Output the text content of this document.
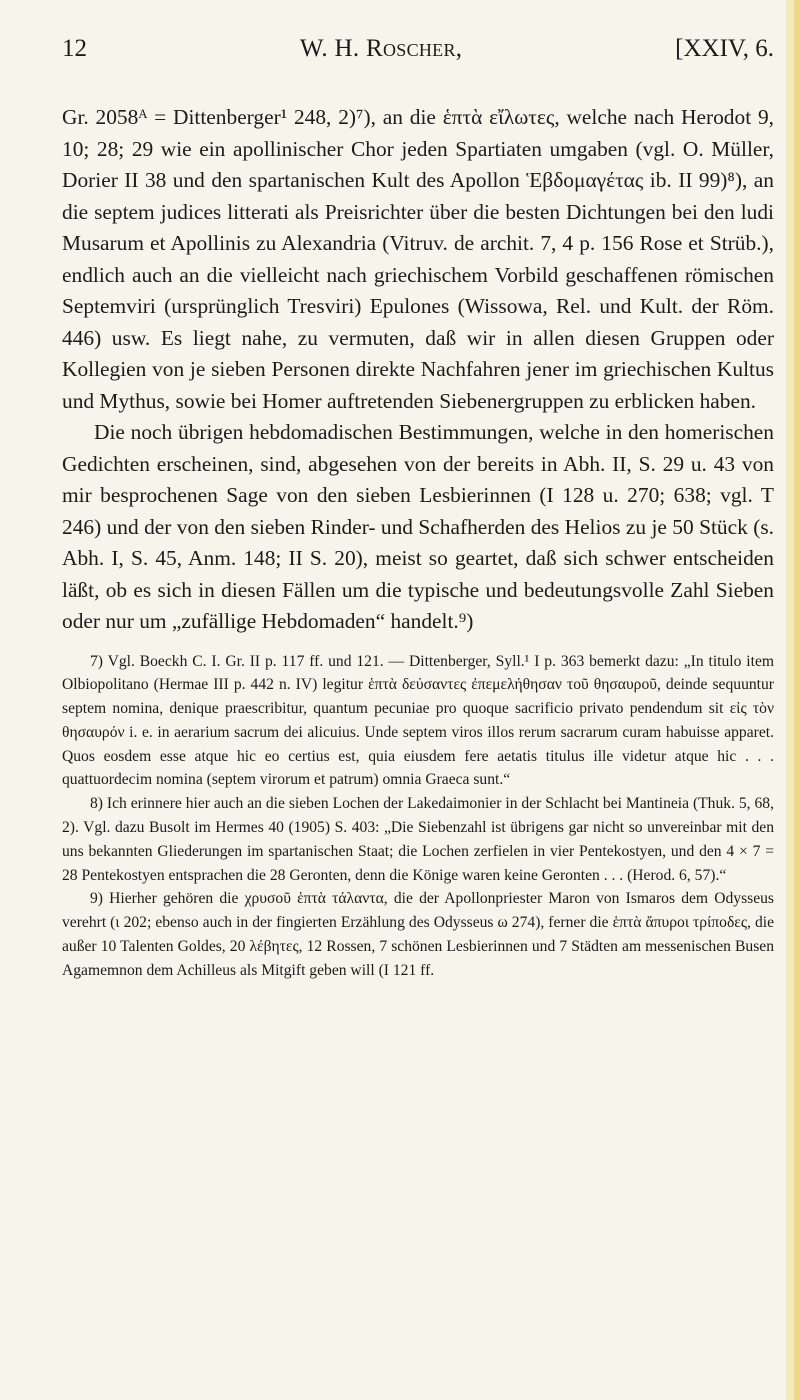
12	W. H. Roscher,	[XXIV, 6.

Gr. 2058ᴬ = Dittenberger¹ 248, 2)⁷), an die ἑπτὰ εἴλωτες, welche nach Herodot 9, 10; 28; 29 wie ein apollinischer Chor jeden Spartiaten umgaben (vgl. O. Müller, Dorier II 38 und den spartanischen Kult des Apollon Ἑβδομαγέτας ib. II 99)⁸), an die septem judices litterati als Preisrichter über die besten Dichtungen bei den ludi Musarum et Apollinis zu Alexandria (Vitruv. de archit. 7, 4 p. 156 Rose et Strüb.), endlich auch an die vielleicht nach griechischem Vorbild geschaffenen römischen Septemviri (ursprünglich Tresviri) Epulones (Wissowa, Rel. und Kult. der Röm. 446) usw. Es liegt nahe, zu vermuten, daß wir in allen diesen Gruppen oder Kollegien von je sieben Personen direkte Nachfahren jener im griechischen Kultus und Mythus, sowie bei Homer auftretenden Siebenergruppen zu erblicken haben.

Die noch übrigen hebdomadischen Bestimmungen, welche in den homerischen Gedichten erscheinen, sind, abgesehen von der bereits in Abh. II, S. 29 u. 43 von mir besprochenen Sage von den sieben Lesbierinnen (I 128 u. 270; 638; vgl. T 246) und der von den sieben Rinder- und Schafherden des Helios zu je 50 Stück (s. Abh. I, S. 45, Anm. 148; II S. 20), meist so geartet, daß sich schwer entscheiden läßt, ob es sich in diesen Fällen um die typische und bedeutungsvolle Zahl Sieben oder nur um „zufällige Hebdomaden“ handelt.⁹)

7) Vgl. Boeckh C. I. Gr. II p. 117 ff. und 121. — Dittenberger, Syll.¹ I p. 363 bemerkt dazu: „In titulo item Olbiopolitano (Hermae III p. 442 n. IV) legitur ἑπτὰ δεύσαντες ἐπεμελήθησαν τοῦ θησαυροῦ, deinde sequuntur septem nomina, denique praescribitur, quantum pecuniae pro quoque sacrificio privato pendendum sit εἰς τὸν θησαυρόν i. e. in aerarium sacrum dei alicuius. Unde septem viros illos rerum sacrarum curam habuisse apparet. Quos eosdem esse atque hic eo certius est, quia eiusdem fere aetatis titulus ille videtur atque hic . . . quattuordecim nomina (septem virorum et patrum) omnia Graeca sunt.“

8) Ich erinnere hier auch an die sieben Lochen der Lakedaimonier in der Schlacht bei Mantineia (Thuk. 5, 68, 2). Vgl. dazu Busolt im Hermes 40 (1905) S. 403: „Die Siebenzahl ist übrigens gar nicht so unvereinbar mit den uns bekannten Gliederungen im spartanischen Staat; die Lochen zerfielen in vier Pentekostyen, und den 4 × 7 = 28 Pentekostyen entsprachen die 28 Geronten, denn die Könige waren keine Geronten . . . (Herod. 6, 57).“

9) Hierher gehören die χρυσοῦ ἑπτὰ τάλαντα, die der Apollonpriester Maron von Ismaros dem Odysseus verehrt (ι 202; ebenso auch in der fingierten Erzählung des Odysseus ω 274), ferner die ἑπτὰ ἄπυροι τρίποδες, die außer 10 Talenten Goldes, 20 λέβητες, 12 Rossen, 7 schönen Lesbierinnen und 7 Städten am messenischen Busen Agamemnon dem Achilleus als Mitgift geben will (I 121 ff.
